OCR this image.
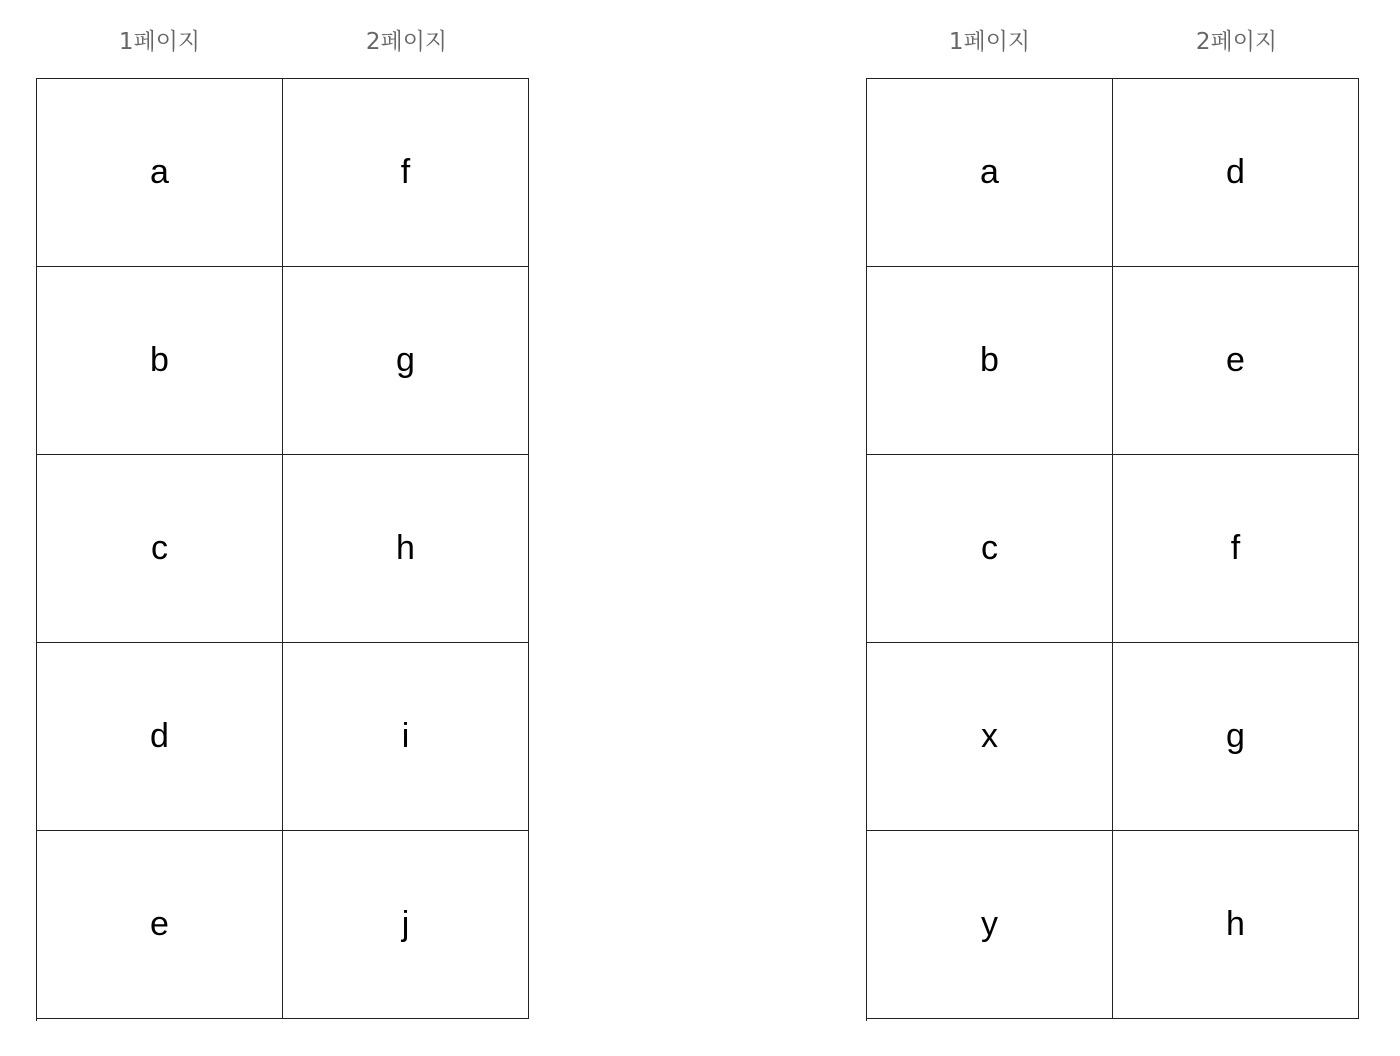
1페이지	2페이지
a	f
b	g
c	h
d	i
e	j
1페이지	2페이지
a	d
b	e
c	f
x	g
y	h
